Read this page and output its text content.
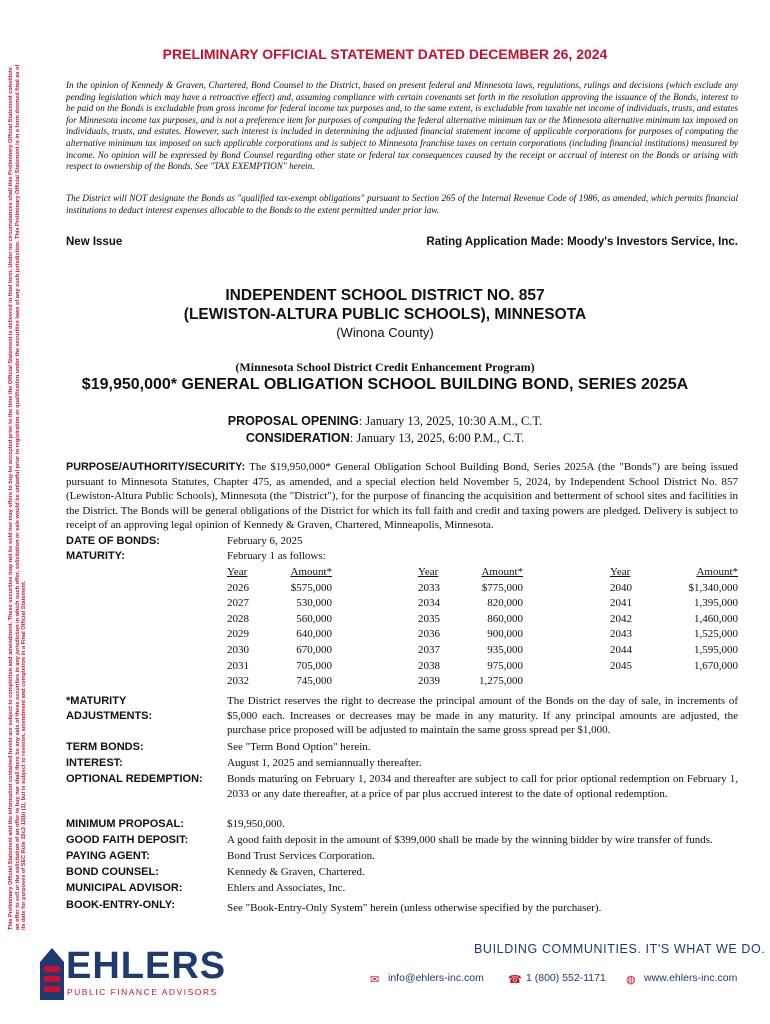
This Preliminary Official Statement and the information contained herein are subject to completion and amendment. These securities may not be sold nor may offers to buy be accepted prior to the time the Official Statement is delivered in final form. Under no circumstances shall this Preliminary Official Statement constitute an offer to sell or the solicitation of an offer to buy nor shall there be any sale of these securities in any jurisdiction in which such offer, solicitation or sale would be unlawful prior to registration or qualification under the securities laws of any such jurisdiction. This Preliminary Official Statement is in a form deemed final as of its date for purposes of SEC Rule 15c2-12(b) (1), but is subject to revision, amendment and completion in a Final Official Statement.
PRELIMINARY OFFICIAL STATEMENT DATED DECEMBER 26, 2024
In the opinion of Kennedy & Graven, Chartered, Bond Counsel to the District, based on present federal and Minnesota laws, regulations, rulings and decisions (which exclude any pending legislation which may have a retroactive effect) and, assuming compliance with certain covenants set forth in the resolution approving the issuance of the Bonds, interest to be paid on the Bonds is excludable from gross income for federal income tax purposes and, to the same extent, is excludable from taxable net income of individuals, trusts, and estates for Minnesota income tax purposes, and is not a preference item for purposes of computing the federal alternative minimum tax or the Minnesota alternative minimum tax imposed on individuals, trusts, and estates. However, such interest is included in determining the adjusted financial statement income of applicable corporations for purposes of computing the alternative minimum tax imposed on such applicable corporations and is subject to Minnesota franchise taxes on certain corporations (including financial institutions) measured by income. No opinion will be expressed by Bond Counsel regarding other state or federal tax consequences caused by the receipt or accrual of interest on the Bonds or arising with respect to ownership of the Bonds. See "TAX EXEMPTION" herein.
The District will NOT designate the Bonds as "qualified tax-exempt obligations" pursuant to Section 265 of the Internal Revenue Code of 1986, as amended, which permits financial institutions to deduct interest expenses allocable to the Bonds to the extent permitted under prior law.
New Issue	Rating Application Made: Moody's Investors Service, Inc.
INDEPENDENT SCHOOL DISTRICT NO. 857
(LEWISTON-ALTURA PUBLIC SCHOOLS), MINNESOTA
(Winona County)
(Minnesota School District Credit Enhancement Program)
$19,950,000* GENERAL OBLIGATION SCHOOL BUILDING BOND, SERIES 2025A
PROPOSAL OPENING: January 13, 2025, 10:30 A.M., C.T.
CONSIDERATION: January 13, 2025, 6:00 P.M., C.T.
PURPOSE/AUTHORITY/SECURITY: The $19,950,000* General Obligation School Building Bond, Series 2025A (the "Bonds") are being issued pursuant to Minnesota Statutes, Chapter 475, as amended, and a special election held November 5, 2024, by Independent School District No. 857 (Lewiston-Altura Public Schools), Minnesota (the "District"), for the purpose of financing the acquisition and betterment of school sites and facilities in the District. The Bonds will be general obligations of the District for which its full faith and credit and taxing powers are pledged. Delivery is subject to receipt of an approving legal opinion of Kennedy & Graven, Chartered, Minneapolis, Minnesota.
DATE OF BONDS:	February 6, 2025
MATURITY:	February 1 as follows:
Year	Amount*
2026	$575,000
2027	530,000
2028	560,000
2029	640,000
2030	670,000
2031	705,000
2032	745,000
Year	Amount*
2033	$775,000
2034	820,000
2035	860,000
2036	900,000
2037	935,000
2038	975,000
2039	1,275,000
Year	Amount*
2040	$1,340,000
2041	1,395,000
2042	1,460,000
2043	1,525,000
2044	1,595,000
2045	1,670,000
*MATURITY
ADJUSTMENTS:
The District reserves the right to decrease the principal amount of the Bonds on the day of sale, in increments of $5,000 each. Increases or decreases may be made in any maturity. If any principal amounts are adjusted, the purchase price proposed will be adjusted to maintain the same gross spread per $1,000.
TERM BONDS:	See "Term Bond Option" herein.
INTEREST:	August 1, 2025 and semiannually thereafter.
OPTIONAL REDEMPTION: Bonds maturing on February 1, 2034 and thereafter are subject to call for prior optional redemption on February 1, 2033 or any date thereafter, at a price of par plus accrued interest to the date of optional redemption.
MINIMUM PROPOSAL:	$19,950,000.
GOOD FAITH DEPOSIT:	A good faith deposit in the amount of $399,000 shall be made by the winning bidder by wire transfer of funds.
PAYING AGENT:	Bond Trust Services Corporation.
BOND COUNSEL:	Kennedy & Graven, Chartered.
MUNICIPAL ADVISOR:	Ehlers and Associates, Inc.
BOOK-ENTRY-ONLY:	See "Book-Entry-Only System" herein (unless otherwise specified by the purchaser).
EHLERS
PUBLIC FINANCE ADVISORS
BUILDING COMMUNITIES. IT'S WHAT WE DO.
✉ info@ehlers-inc.com ☎ 1 (800) 552-1171 ◍ www.ehlers-inc.com
